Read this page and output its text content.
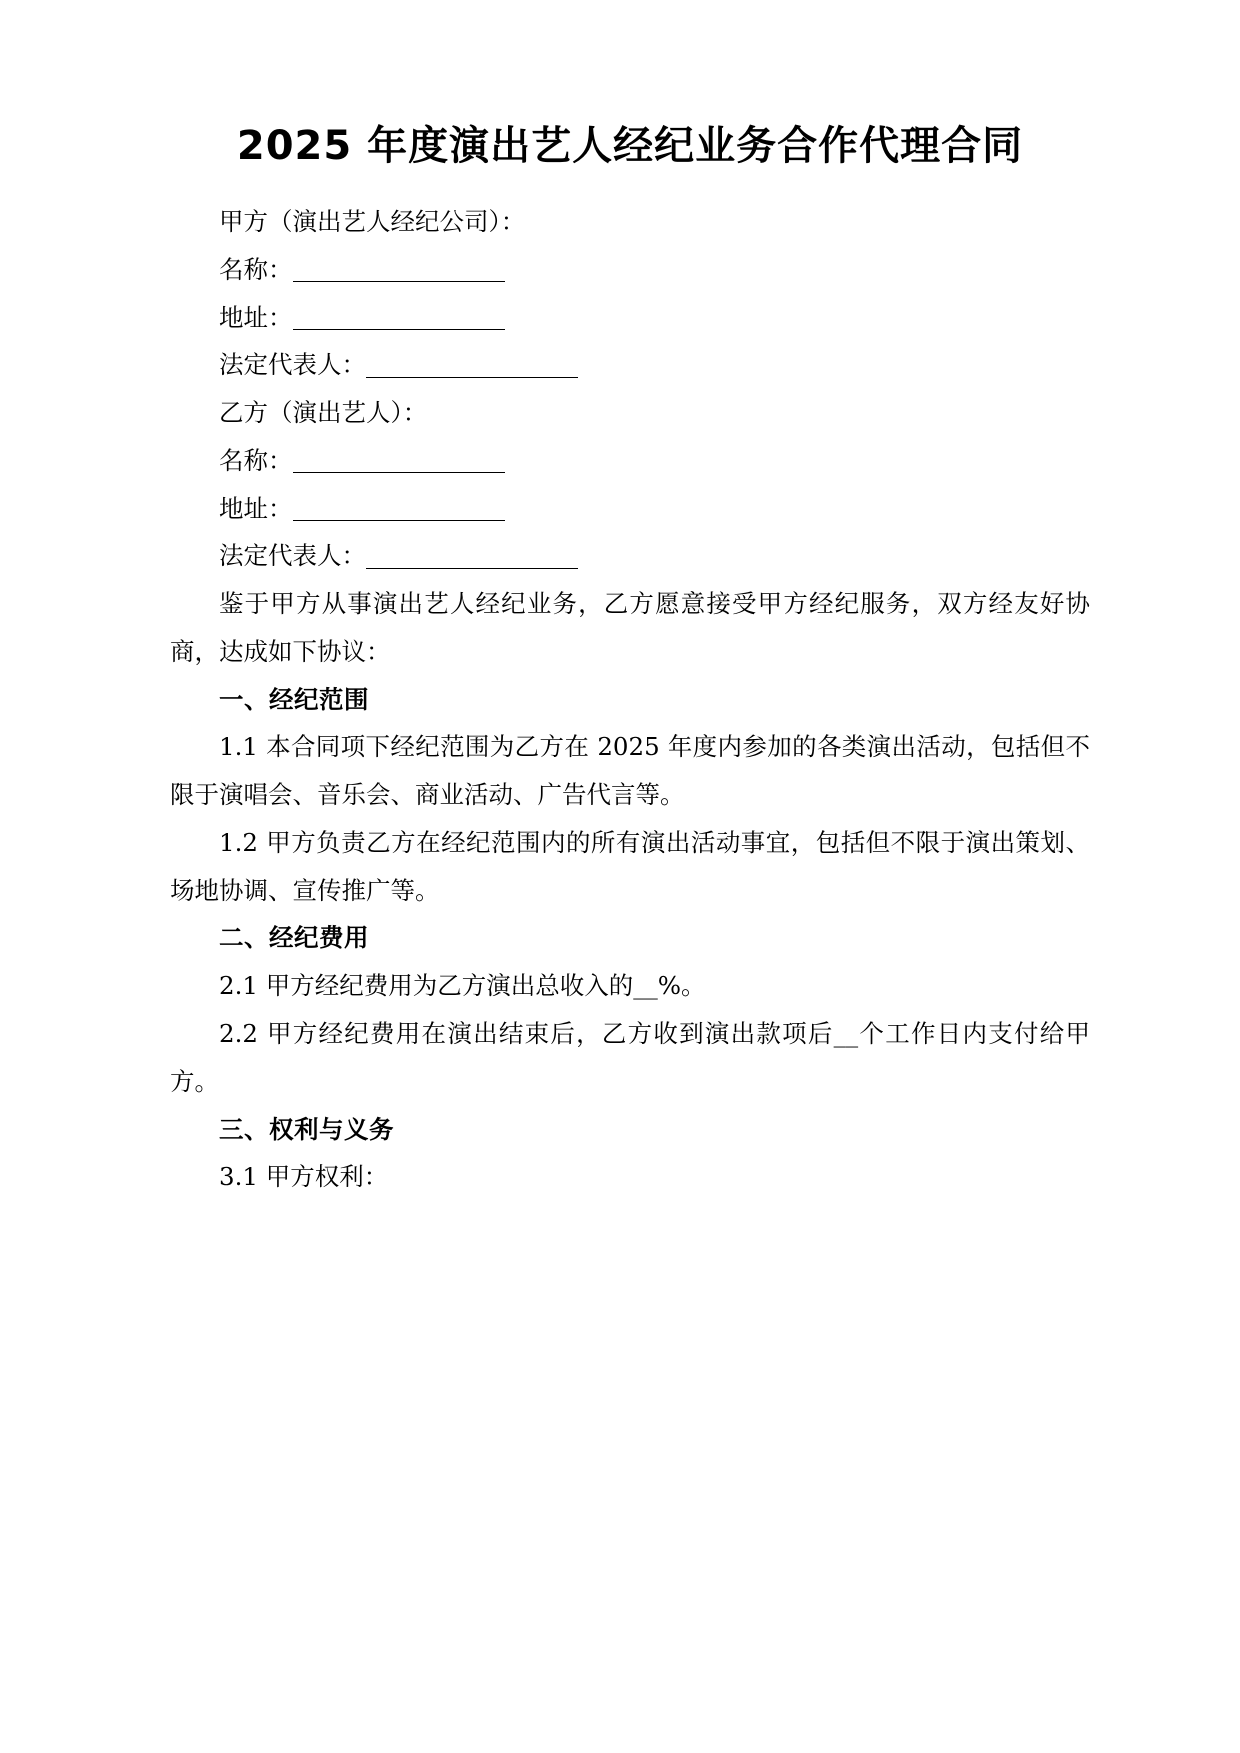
2025 年度演出艺人经纪业务合作代理合同

甲方（演出艺人经纪公司）：

名称：

地址：

法定代表人：

乙方（演出艺人）：

名称：

地址：

法定代表人：

鉴于甲方从事演出艺人经纪业务，乙方愿意接受甲方经纪服务，双方经友好协商，达成如下协议：

一、经纪范围

1.1 本合同项下经纪范围为乙方在 2025 年度内参加的各类演出活动，包括但不限于演唱会、音乐会、商业活动、广告代言等。

1.2 甲方负责乙方在经纪范围内的所有演出活动事宜，包括但不限于演出策划、场地协调、宣传推广等。

二、经纪费用

2.1 甲方经纪费用为乙方演出总收入的__%。

2.2 甲方经纪费用在演出结束后，乙方收到演出款项后__个工作日内支付给甲方。

三、权利与义务

3.1 甲方权利：
